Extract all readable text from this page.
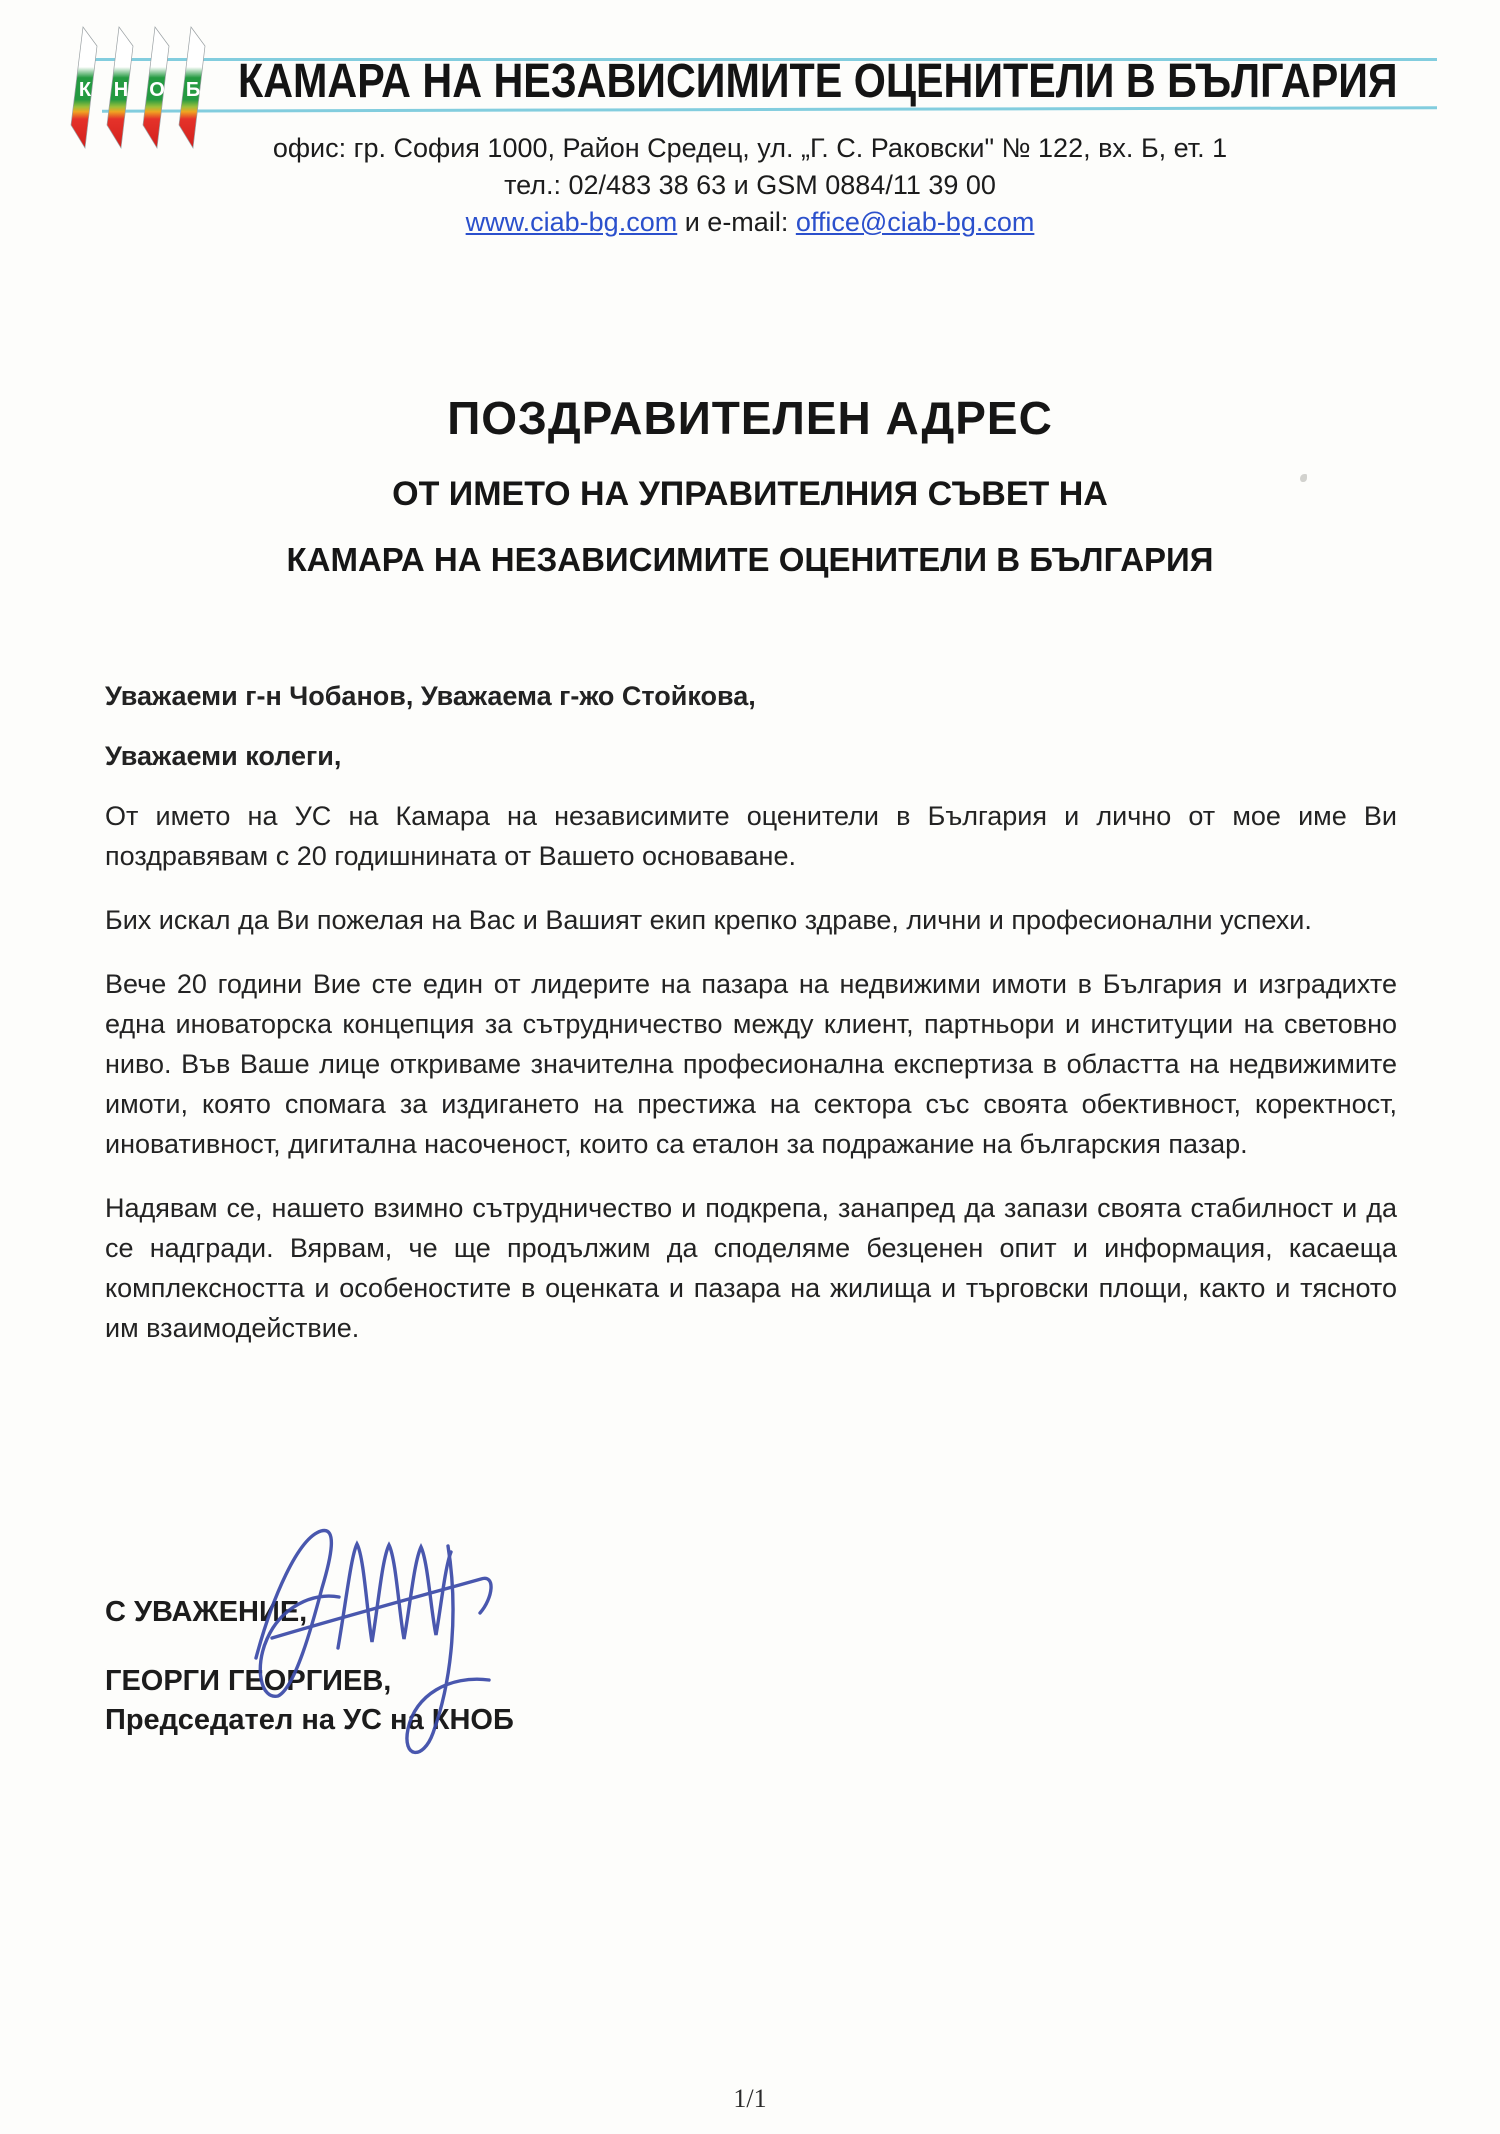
К Н О Б КАМАРА НА НЕЗАВИСИМИТЕ ОЦЕНИТЕЛИ В БЪЛГАРИЯ
офис: гр. София 1000, Район Средец, ул. „Г. С. Раковски" № 122, вх. Б, ет. 1
тел.: 02/483 38 63 и GSM 0884/11 39 00
www.ciab-bg.com и e-mail: office@ciab-bg.com
ПОЗДРАВИТЕЛЕН АДРЕС
ОТ ИМЕТО НА УПРАВИТЕЛНИЯ СЪВЕТ НА
КАМАРА НА НЕЗАВИСИМИТЕ ОЦЕНИТЕЛИ В БЪЛГАРИЯ

Уважаеми г-н Чобанов, Уважаема г-жо Стойкова,

Уважаеми колеги,

От името на УС на Камара на независимите оценители в България и лично от мое име Ви поздравявам с 20 годишнината от Вашето основаване.

Бих искал да Ви пожелая на Вас и Вашият екип крепко здраве, лични и професионални успехи.

Вече 20 години Вие сте един от лидерите на пазара на недвижими имоти в България и изградихте една иноваторска концепция за сътрудничество между клиент, партньори и институции на световно ниво. Във Ваше лице откриваме значителна професионална експертиза в областта на недвижимите имоти, която спомага за издигането на престижа на сектора със своята обективност, коректност, иновативност, дигитална насоченост, които са еталон за подражание на българския пазар.

Надявам се, нашето взимно сътрудничество и подкрепа, занапред да запази своята стабилност и да се надгради. Вярвам, че ще продължим да споделяме безценен опит и информация, касаеща комплексността и особеностите в оценката и пазара на жилища и търговски площи, както и тясното им взаимодействие.

С УВАЖЕНИЕ,
ГЕОРГИ ГЕОРГИЕВ,
Председател на УС на КНОБ
1/1
